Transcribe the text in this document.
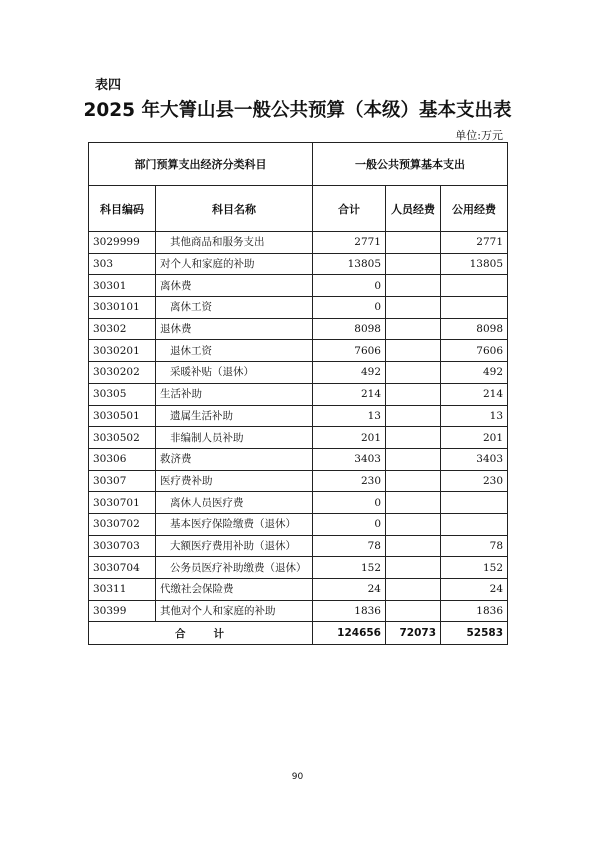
表四
2025 年大箐山县一般公共预算（本级）基本支出表
单位:万元
部门预算支出经济分类科目		一般公共预算基本支出		
科目编码	科目名称	合计	人员经费	公用经费
3029999	其他商品和服务支出	2771		2771
303	对个人和家庭的补助	13805		13805
30301	离休费	0		
3030101	离休工资	0		
30302	退休费	8098		8098
3030201	退休工资	7606		7606
3030202	采暖补贴（退休）	492		492
30305	生活补助	214		214
3030501	遗属生活补助	13		13
3030502	非编制人员补助	201		201
30306	救济费	3403		3403
30307	医疗费补助	230		230
3030701	离休人员医疗费	0		
3030702	基本医疗保险缴费（退休）	0		
3030703	大额医疗费用补助（退休）	78		78
3030704	公务员医疗补助缴费（退休）	152		152
30311	代缴社会保险费	24		24
30399	其他对个人和家庭的补助	1836		1836
合计		124656	72073	52583
90
